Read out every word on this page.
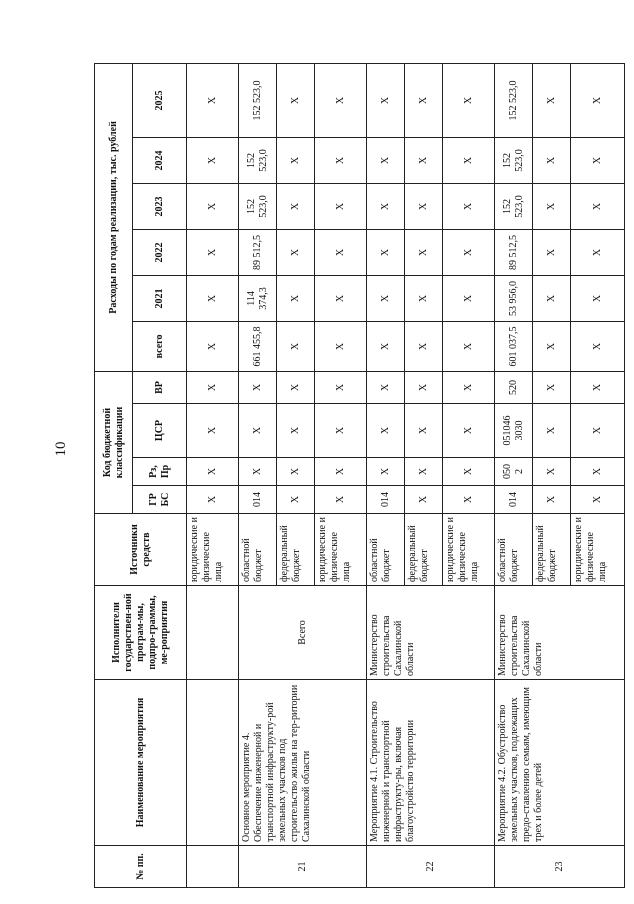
10
№ пп.	Наименование мероприятия	Исполнители государствен-ной програм-мы, подпро-граммы, ме-роприятия	Источники средств	Код бюджетной классификации				Расходы по годам реализации, тыс. рублей					
				ГР БС	Рз, Пр	ЦСР	ВР	всего	2021	2022	2023	2024	2025
			юридические и физические лица	Х	Х	Х	Х	Х	Х	Х	Х	Х	Х
21	Основное мероприятие 4. Обеспечение инженерной и транспортной инфраструкту-рой земельных участков под строительство жилья на тер-ритории Сахалинской области	Всего	областной бюджет	014	Х	Х	Х	661 455,8	114 374,3	89 512,5	152 523,0	152 523,0	152 523,0
			федеральный бюджет	Х	Х	Х	Х	Х	Х	Х	Х	Х	Х
			юридические и физические лица	Х	Х	Х	Х	Х	Х	Х	Х	Х	Х
22	Мероприятие 4.1. Строительство инженерной и транспортной инфраструкту-ры, включая благоустройство территории	Министерство строительства Сахалинской области	областной бюджет	014	Х	Х	Х	Х	Х	Х	Х	Х	Х
			федеральный бюджет	Х	Х	Х	Х	Х	Х	Х	Х	Х	Х
			юридические и физические лица	Х	Х	Х	Х	Х	Х	Х	Х	Х	Х
23	Мероприятие 4.2. Обустройство земельных участков, подлежащих предо-ставлению семьям, имеющим трех и более детей	Министерство строительства Сахалинской области	областной бюджет	014	050 2	051046 3030	520	601 037,5	53 956,0	89 512,5	152 523,0	152 523,0	152 523,0
			федеральный бюджет	Х	Х	Х	Х	Х	Х	Х	Х	Х	Х
			юридические и физические лица	Х	Х	Х	Х	Х	Х	Х	Х	Х	Х
